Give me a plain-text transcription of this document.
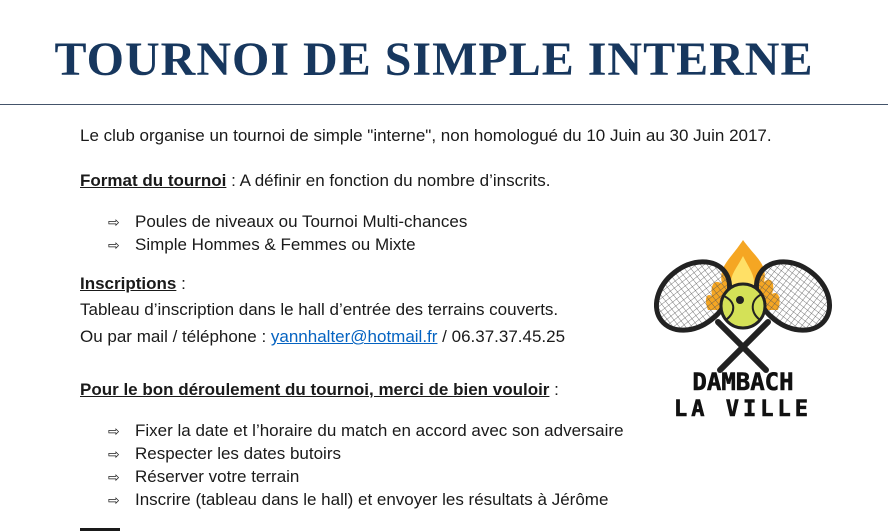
TOURNOI DE SIMPLE INTERNE
Le club organise un tournoi de simple "interne", non homologué du 10 Juin au 30 Juin 2017.
Format du tournoi : A définir en fonction du nombre d’inscrits.
⇨ Poules de niveaux ou Tournoi Multi-chances
⇨ Simple Hommes & Femmes ou Mixte
Inscriptions :
Tableau d’inscription dans le hall d’entrée des terrains couverts.
Ou par mail / téléphone : yannhalter@hotmail.fr / 06.37.37.45.25
Pour le bon déroulement du tournoi, merci de bien vouloir :
⇨ Fixer la date et l’horaire du match en accord avec son adversaire
⇨ Respecter les dates butoirs
⇨ Réserver votre terrain
⇨ Inscrire (tableau dans le hall) et envoyer les résultats à Jérôme
DAMBACH
LA VILLE
